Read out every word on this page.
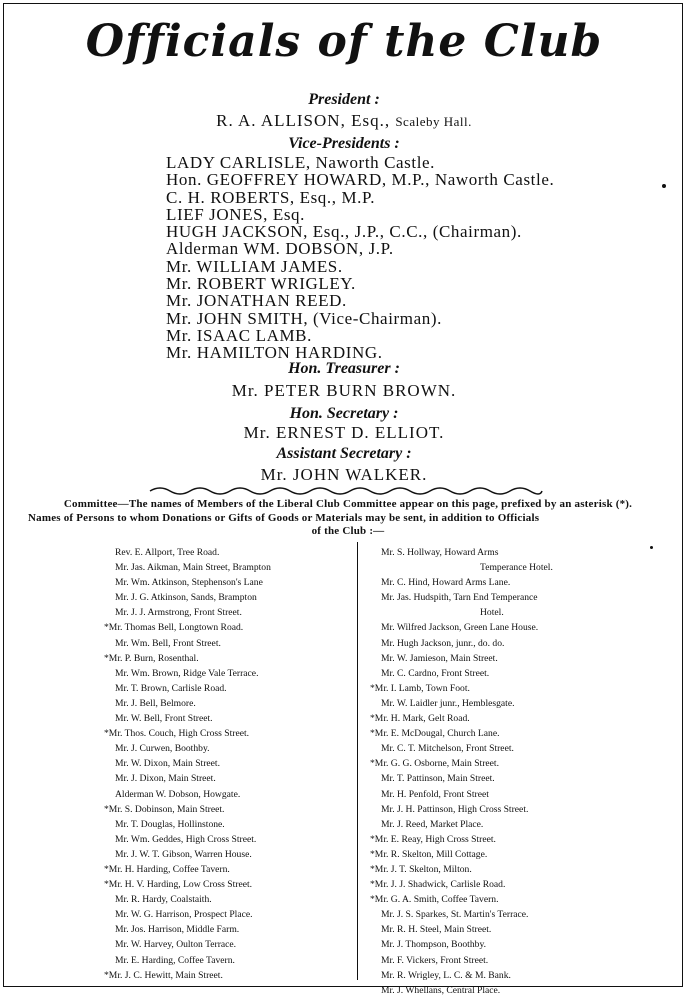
Officials of the Club
President :
R. A. ALLISON, Esq., Scaleby Hall.
Vice-Presidents :
LADY CARLISLE, Naworth Castle.
Hon. GEOFFREY HOWARD, M.P., Naworth Castle.
C. H. ROBERTS, Esq., M.P.
LIEF JONES, Esq.
HUGH JACKSON, Esq., J.P., C.C., (Chairman).
Alderman WM. DOBSON, J.P.
Mr. WILLIAM JAMES.
Mr. ROBERT WRIGLEY.
Mr. JONATHAN REED.
Mr. JOHN SMITH, (Vice-Chairman).
Mr. ISAAC LAMB.
Mr. HAMILTON HARDING.
Hon. Treasurer :
Mr. PETER BURN BROWN.
Hon. Secretary :
Mr. ERNEST D. ELLIOT.
Assistant Secretary :
Mr. JOHN WALKER.
Committee—The names of Members of the Liberal Club Committee appear on this page, prefixed by an asterisk (*).
Names of Persons to whom Donations or Gifts of Goods or Materials may be sent, in addition to Officials
of the Club :—
Rev. E. Allport, Tree Road.
Mr. Jas. Aikman, Main Street, Brampton
Mr. Wm. Atkinson, Stephenson's Lane
Mr. J. G. Atkinson, Sands, Brampton
Mr. J. J. Armstrong, Front Street.
*Mr. Thomas Bell, Longtown Road.
Mr. Wm. Bell, Front Street.
*Mr. P. Burn, Rosenthal.
Mr. Wm. Brown, Ridge Vale Terrace.
Mr. T. Brown, Carlisle Road.
Mr. J. Bell, Belmore.
Mr. W. Bell, Front Street.
*Mr. Thos. Couch, High Cross Street.
Mr. J. Curwen, Boothby.
Mr. W. Dixon, Main Street.
Mr. J. Dixon, Main Street.
Alderman W. Dobson, Howgate.
*Mr. S. Dobinson, Main Street.
Mr. T. Douglas, Hollinstone.
Mr. Wm. Geddes, High Cross Street.
Mr. J. W. T. Gibson, Warren House.
*Mr. H. Harding, Coffee Tavern.
*Mr. H. V. Harding, Low Cross Street.
Mr. R. Hardy, Coalstaith.
Mr. W. G. Harrison, Prospect Place.
Mr. Jos. Harrison, Middle Farm.
Mr. W. Harvey, Oulton Terrace.
Mr. E. Harding, Coffee Tavern.
*Mr. J. C. Hewitt, Main Street.
Mr. S. Hollway, Howard Arms
Temperance Hotel.
Mr. C. Hind, Howard Arms Lane.
Mr. Jas. Hudspith, Tarn End Temperance
Hotel.
Mr. Wilfred Jackson, Green Lane House.
Mr. Hugh Jackson, junr., do. do.
Mr. W. Jamieson, Main Street.
Mr. C. Cardno, Front Street.
*Mr. I. Lamb, Town Foot.
Mr. W. Laidler junr., Hemblesgate.
*Mr. H. Mark, Gelt Road.
*Mr. E. McDougal, Church Lane.
Mr. C. T. Mitchelson, Front Street.
*Mr. G. G. Osborne, Main Street.
Mr. T. Pattinson, Main Street.
Mr. H. Penfold, Front Street
Mr. J. H. Pattinson, High Cross Street.
Mr. J. Reed, Market Place.
*Mr. E. Reay, High Cross Street.
*Mr. R. Skelton, Mill Cottage.
*Mr. J. T. Skelton, Milton.
*Mr. J. J. Shadwick, Carlisle Road.
*Mr. G. A. Smith, Coffee Tavern.
Mr. J. S. Sparkes, St. Martin's Terrace.
Mr. R. H. Steel, Main Street.
Mr. J. Thompson, Boothby.
Mr. F. Vickers, Front Street.
Mr. R. Wrigley, L. C. & M. Bank.
Mr. J. Whellans, Central Place.
